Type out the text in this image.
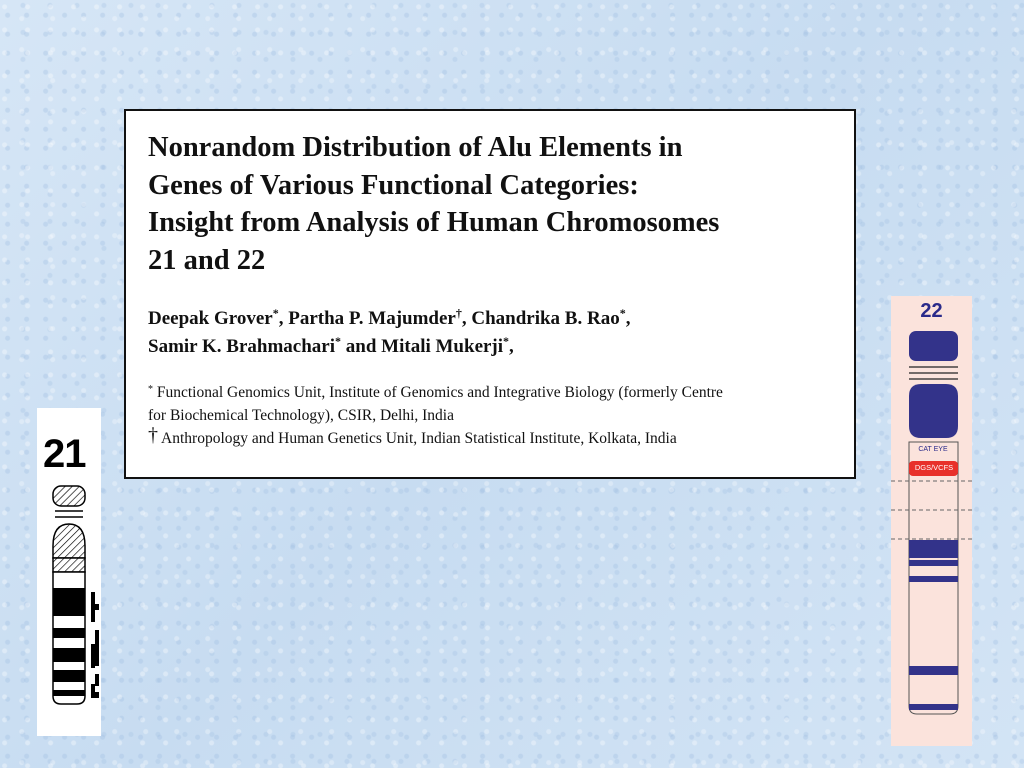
Nonrandom Distribution of Alu Elements in
Genes of Various Functional Categories:
Insight from Analysis of Human Chromosomes
21 and 22
Deepak Grover*, Partha P. Majumder†, Chandrika B. Rao*,
Samir K. Brahmachari* and Mitali Mukerji*,
* Functional Genomics Unit, Institute of Genomics and Integrative Biology (formerly Centre
for Biochemical Technology), CSIR, Delhi, India
† Anthropology and Human Genetics Unit, Indian Statistical Institute, Kolkata, India
21
22
CAT EYE
DGS/VCFS
